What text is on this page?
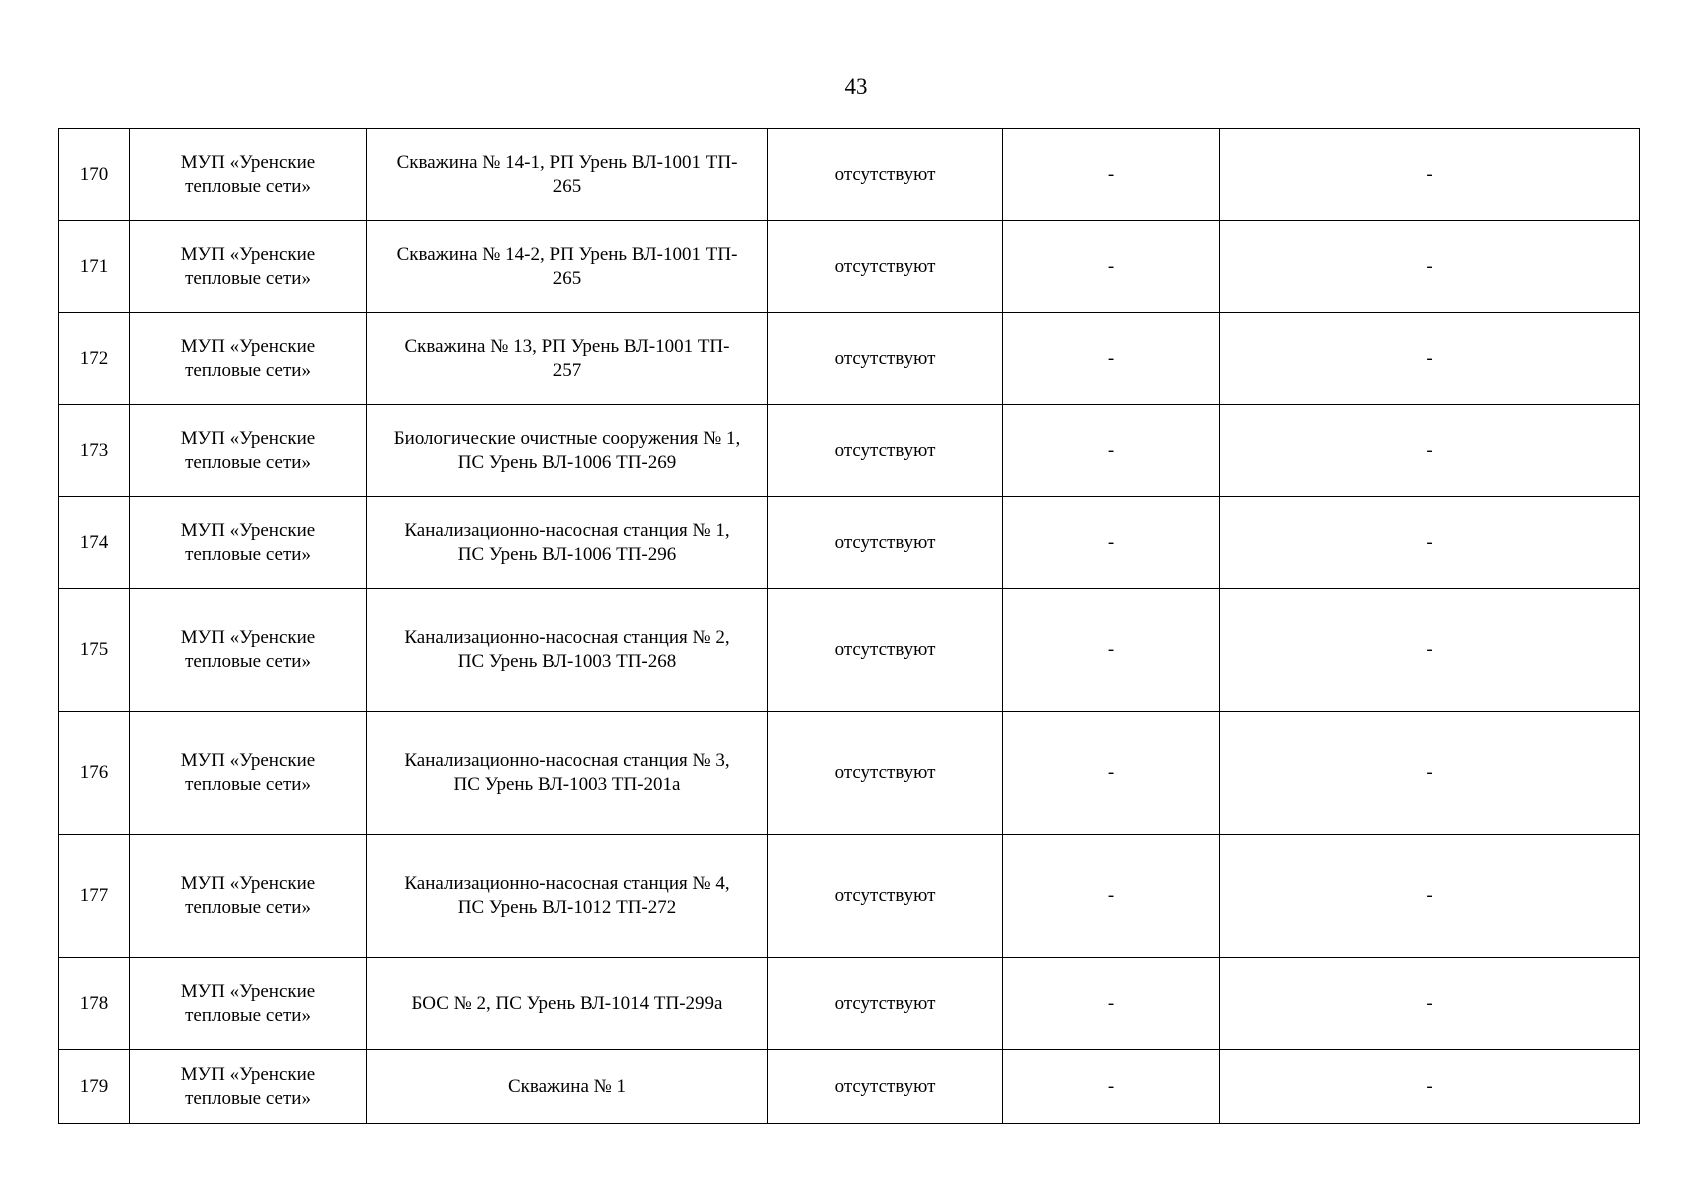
43
170	МУП «Уренские
тепловые сети»	Скважина № 14-1, РП Урень ВЛ-1001 ТП-
265	отсутствуют	-	-
171	МУП «Уренские
тепловые сети»	Скважина № 14-2, РП Урень ВЛ-1001 ТП-
265	отсутствуют	-	-
172	МУП «Уренские
тепловые сети»	Скважина № 13, РП Урень ВЛ-1001 ТП-
257	отсутствуют	-	-
173	МУП «Уренские
тепловые сети»	Биологические очистные сооружения № 1,
ПС Урень ВЛ-1006 ТП-269	отсутствуют	-	-
174	МУП «Уренские
тепловые сети»	Канализационно-насосная станция № 1,
ПС Урень ВЛ-1006 ТП-296	отсутствуют	-	-
175	МУП «Уренские
тепловые сети»	Канализационно-насосная станция № 2,
ПС Урень ВЛ-1003 ТП-268	отсутствуют	-	-
176	МУП «Уренские
тепловые сети»	Канализационно-насосная станция № 3,
ПС Урень ВЛ-1003 ТП-201а	отсутствуют	-	-
177	МУП «Уренские
тепловые сети»	Канализационно-насосная станция № 4,
ПС Урень ВЛ-1012 ТП-272	отсутствуют	-	-
178	МУП «Уренские
тепловые сети»	БОС № 2, ПС Урень ВЛ-1014 ТП-299а	отсутствуют	-	-
179	МУП «Уренские
тепловые сети»	Скважина № 1	отсутствуют	-	-
